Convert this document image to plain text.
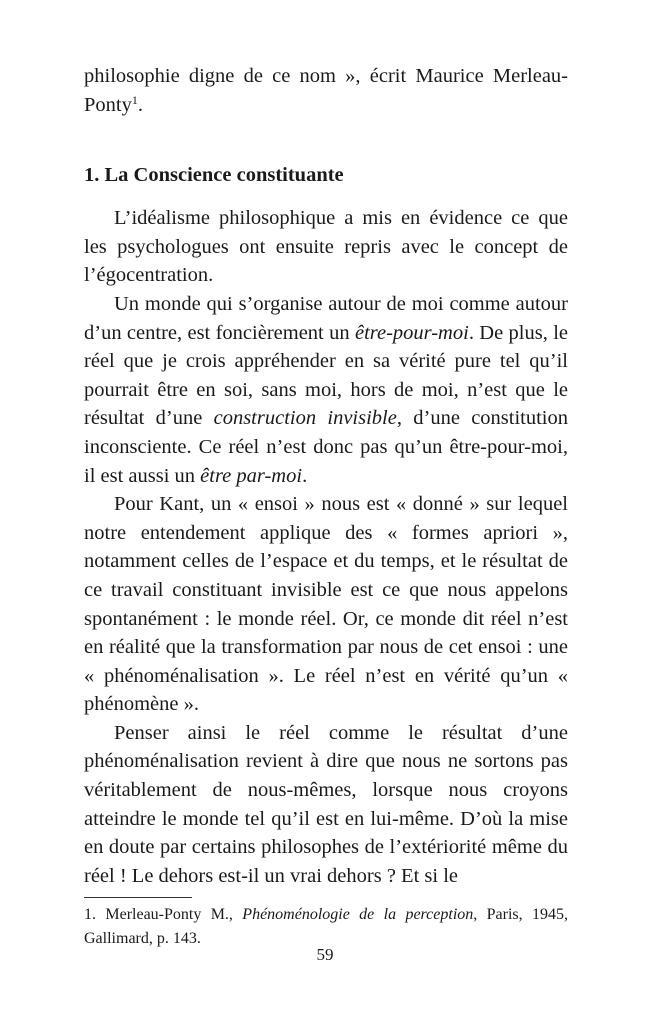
philosophie digne de ce nom », écrit Maurice Merleau-Ponty$^1$.

1. La Conscience constituante

L’idéalisme philosophique a mis en évidence ce que les psychologues ont ensuite repris avec le concept de l’égocentration.

Un monde qui s’organise autour de moi comme autour d’un centre, est foncièrement un être-pour-moi. De plus, le réel que je crois appréhender en sa vérité pure tel qu’il pourrait être en soi, sans moi, hors de moi, n’est que le résultat d’une construction invisible, d’une constitution inconsciente. Ce réel n’est donc pas qu’un être-pour-moi, il est aussi un être par-moi.

Pour Kant, un « ensoi » nous est « donné » sur lequel notre entendement applique des « formes apriori », notamment celles de l’espace et du temps, et le résultat de ce travail constituant invisible est ce que nous appelons spontanément : le monde réel. Or, ce monde dit réel n’est en réalité que la transformation par nous de cet ensoi : une « phénoménalisation ». Le réel n’est en vérité qu’un « phénomène ».

Penser ainsi le réel comme le résultat d’une phénoménalisation revient à dire que nous ne sortons pas véritablement de nous-mêmes, lorsque nous croyons atteindre le monde tel qu’il est en lui-même. D’où la mise en doute par certains philosophes de l’extériorité même du réel ! Le dehors est-il un vrai dehors ? Et si le

1. Merleau-Ponty M., Phénoménologie de la perception, Paris, 1945, Gallimard, p. 143.

59
